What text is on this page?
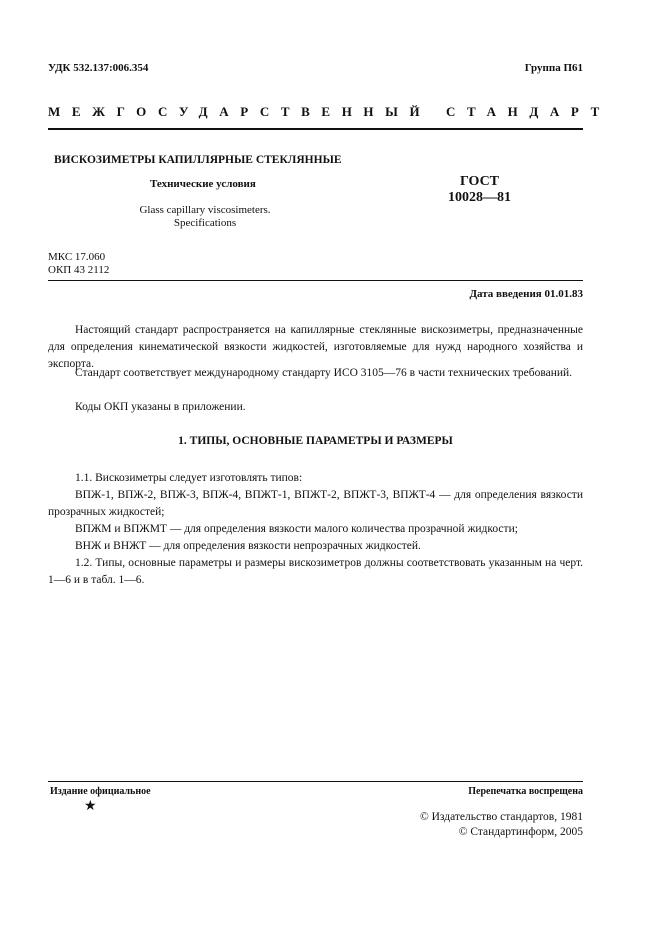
УДК 532.137:006.354	Группа П61
МЕЖГОСУДАРСТВЕННЫЙ СТАНДАРТ
ВИСКОЗИМЕТРЫ КАПИЛЛЯРНЫЕ СТЕКЛЯННЫЕ
Технические условия	ГОСТ
10028—81
Glass capillary viscosimeters.
Specifications
МКС 17.060
ОКП 43 2112
Дата введения 01.01.83
Настоящий стандарт распространяется на капиллярные стеклянные вискозиметры, предназначенные для определения кинематической вязкости жидкостей, изготовляемые для нужд народного хозяйства и экспорта.
Стандарт соответствует международному стандарту ИСО 3105—76 в части технических требований.
Коды ОКП указаны в приложении.
1. ТИПЫ, ОСНОВНЫЕ ПАРАМЕТРЫ И РАЗМЕРЫ
1.1. Вискозиметры следует изготовлять типов:
ВПЖ-1, ВПЖ-2, ВПЖ-3, ВПЖ-4, ВПЖТ-1, ВПЖТ-2, ВПЖТ-3, ВПЖТ-4 — для определения вязкости прозрачных жидкостей;
ВПЖМ и ВПЖМТ — для определения вязкости малого количества прозрачной жидкости;
ВНЖ и ВНЖТ — для определения вязкости непрозрачных жидкостей.
1.2. Типы, основные параметры и размеры вискозиметров должны соответствовать указанным на черт. 1—6 и в табл. 1—6.
Издание официальное	Перепечатка воспрещена
★
© Издательство стандартов, 1981
© Стандартинформ, 2005
